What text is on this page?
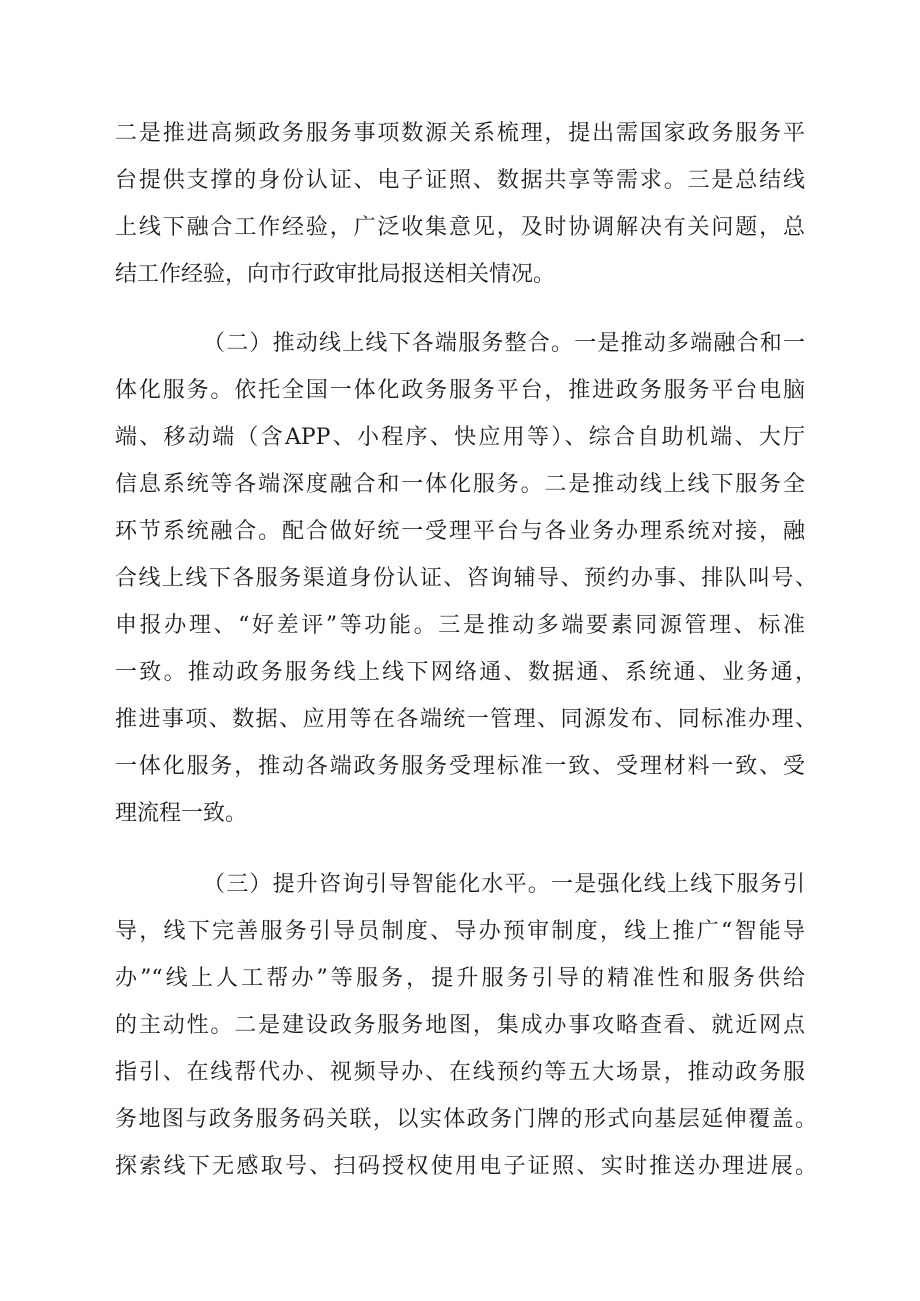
二是推进高频政务服务事项数源关系梳理，提出需国家政务服务平
台提供支撑的身份认证、电子证照、数据共享等需求。三是总结线
上线下融合工作经验，广泛收集意见，及时协调解决有关问题，总
结工作经验，向市行政审批局报送相关情况。
（二）推动线上线下各端服务整合。一是推动多端融合和一
体化服务。依托全国一体化政务服务平台，推进政务服务平台电脑
端、移动端（含APP、小程序、快应用等）、综合自助机端、大厅
信息系统等各端深度融合和一体化服务。二是推动线上线下服务全
环节系统融合。配合做好统一受理平台与各业务办理系统对接，融
合线上线下各服务渠道身份认证、咨询辅导、预约办事、排队叫号、
申报办理、“好差评”等功能。三是推动多端要素同源管理、标准
一致。推动政务服务线上线下网络通、数据通、系统通、业务通，
推进事项、数据、应用等在各端统一管理、同源发布、同标准办理、
一体化服务，推动各端政务服务受理标准一致、受理材料一致、受
理流程一致。
（三）提升咨询引导智能化水平。一是强化线上线下服务引
导，线下完善服务引导员制度、导办预审制度，线上推广“智能导
办”“线上人工帮办”等服务，提升服务引导的精准性和服务供给
的主动性。二是建设政务服务地图，集成办事攻略查看、就近网点
指引、在线帮代办、视频导办、在线预约等五大场景，推动政务服
务地图与政务服务码关联，以实体政务门牌的形式向基层延伸覆盖。
探索线下无感取号、扫码授权使用电子证照、实时推送办理进展。
